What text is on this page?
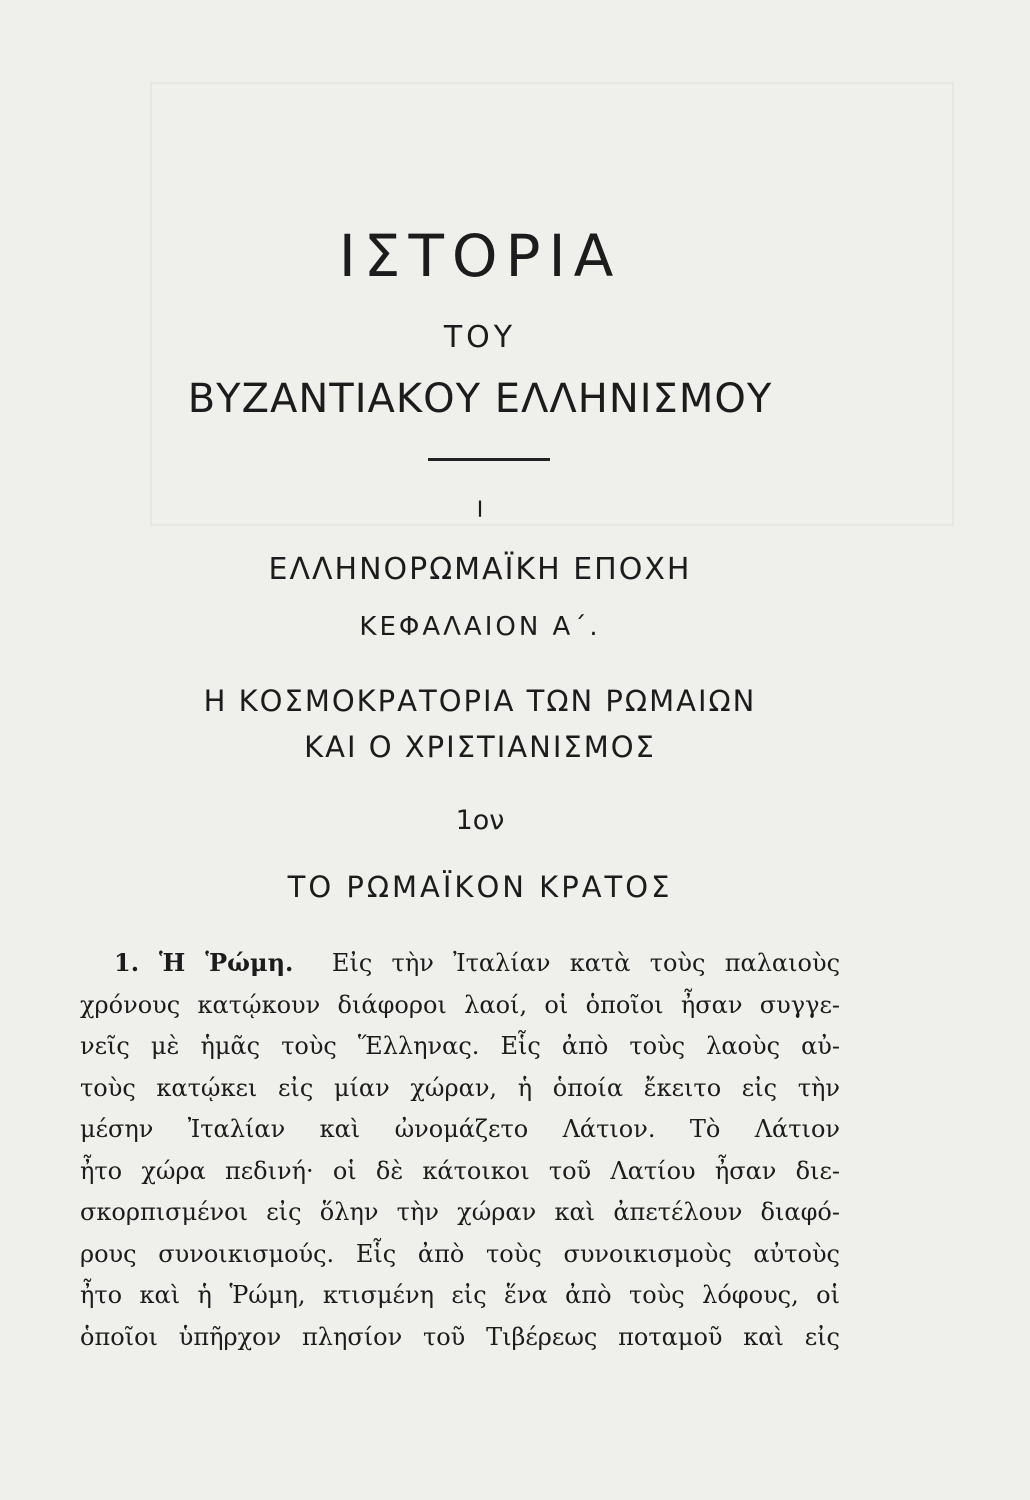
ΙΣΤΟΡΙΑ
ΤΟΥ
ΒΥΖΑΝΤΙΑΚΟΥ ΕΛΛΗΝΙΣΜΟΥ
Ι
ΕΛΛΗΝΟΡΩΜΑΪΚΗ ΕΠΟΧΗ
ΚΕΦΑΛΑΙΟΝ Α΄.
Η ΚΟΣΜΟΚΡΑΤΟΡΙΑ ΤΩΝ ΡΩΜΑΙΩΝ
ΚΑΙ Ο ΧΡΙΣΤΙΑΝΙΣΜΟΣ
1ον
ΤΟ ΡΩΜΑΪΚΟΝ ΚΡΑΤΟΣ
1. Ἡ Ῥώμη. Εἰς τὴν Ἰταλίαν κατὰ τοὺς παλαιοὺς
χρόνους κατῴκουν διάφοροι λαοί, οἱ ὁποῖοι ἦσαν συγγε-
νεῖς μὲ ἡμᾶς τοὺς Ἕλληνας. Εἷς ἀπὸ τοὺς λαοὺς αὐ-
τοὺς κατῴκει εἰς μίαν χώραν, ἡ ὁποία ἔκειτο εἰς τὴν
μέσην Ἰταλίαν καὶ ὠνομάζετο Λάτιον. Τὸ Λάτιον
ἦτο χώρα πεδινή· οἱ δὲ κάτοικοι τοῦ Λατίου ἦσαν διε-
σκορπισμένοι εἰς ὅλην τὴν χώραν καὶ ἀπετέλουν διαφό-
ρους συνοικισμούς. Εἷς ἀπὸ τοὺς συνοικισμοὺς αὐτοὺς
ἦτο καὶ ἡ Ῥώμη, κτισμένη εἰς ἕνα ἀπὸ τοὺς λόφους, οἱ
ὁποῖοι ὑπῆρχον πλησίον τοῦ Τιβέρεως ποταμοῦ καὶ εἰς
